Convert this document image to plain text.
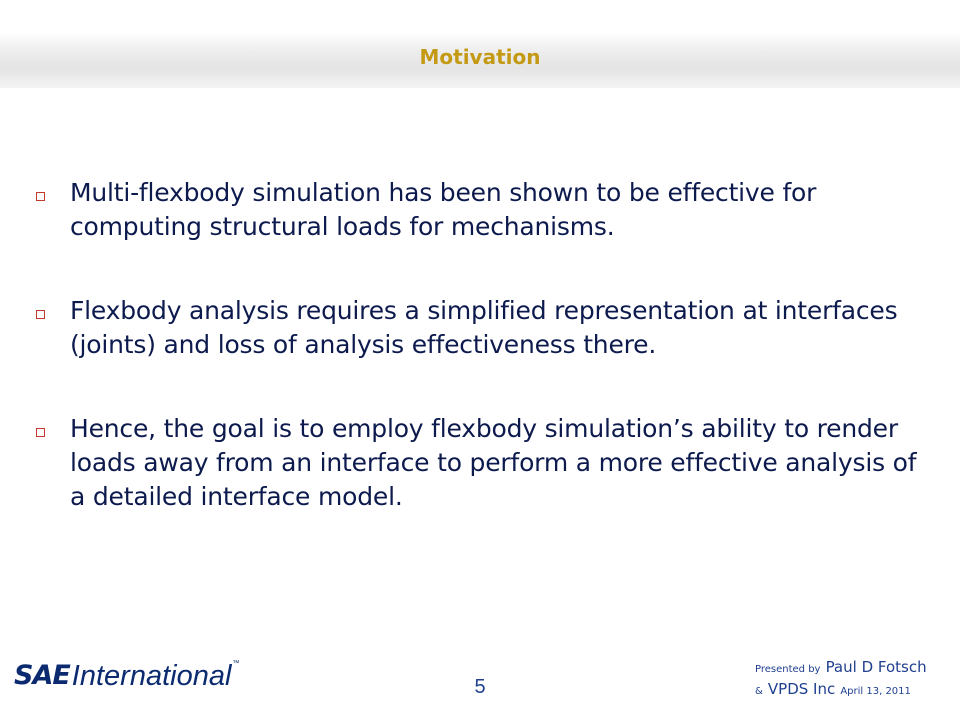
Motivation
Multi-flexbody simulation has been shown to be effective for computing structural loads for mechanisms.
Flexbody analysis requires a simplified representation at interfaces (joints) and loss of analysis effectiveness there.
Hence, the goal is to employ flexbody simulation’s ability to render loads away from an interface to perform a more effective analysis of a detailed interface model.
SAE International ™
5
Presented by Paul D Fotsch
& VPDS Inc April 13, 2011
